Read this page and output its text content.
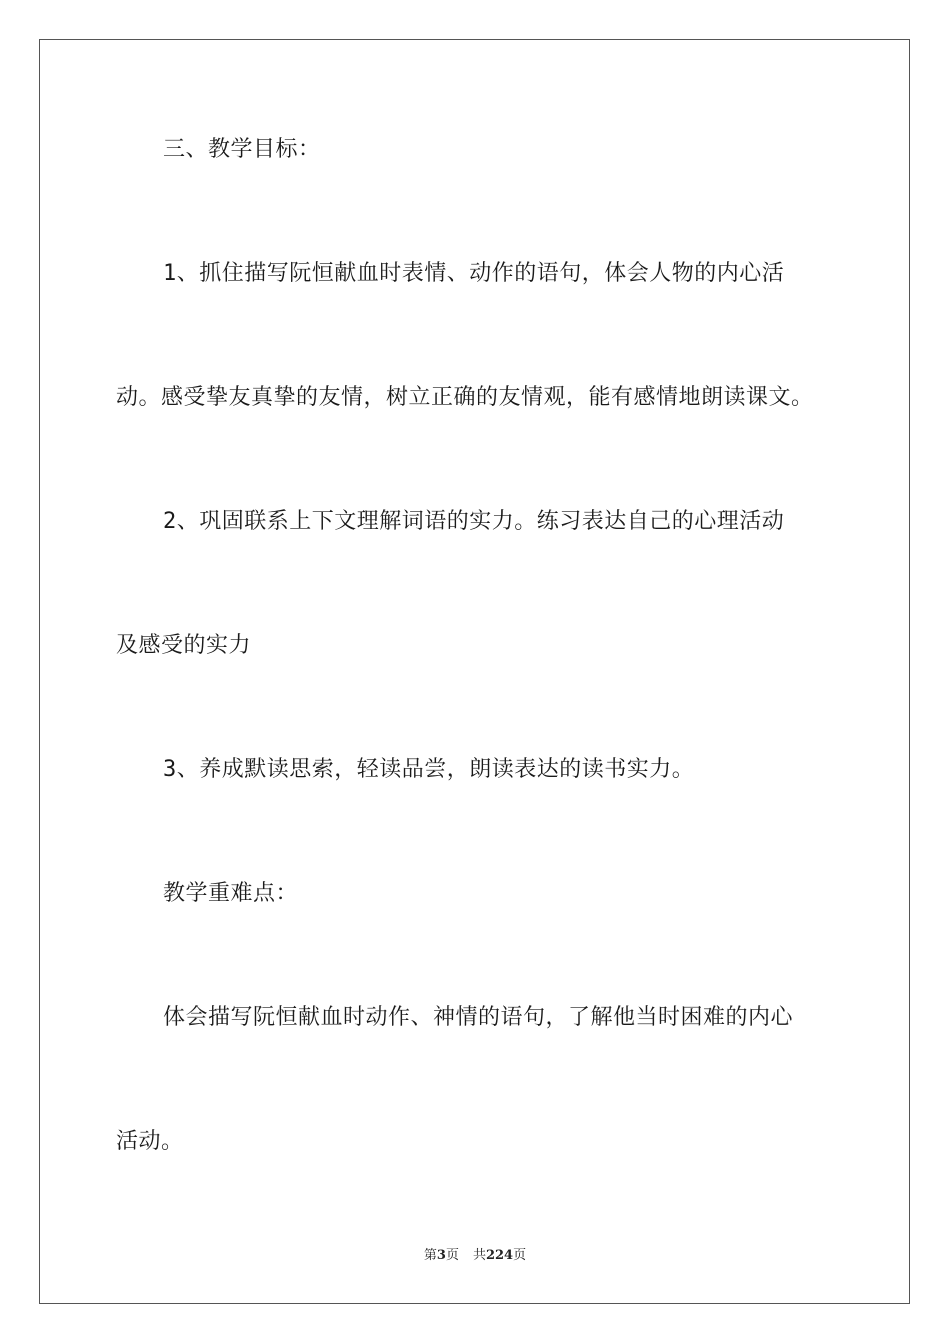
三、教学目标：
1、抓住描写阮恒献血时表情、动作的语句，体会人物的内心活
动。感受挚友真挚的友情，树立正确的友情观，能有感情地朗读课文。
2、巩固联系上下文理解词语的实力。练习表达自己的心理活动
及感受的实力
3、养成默读思索，轻读品尝，朗读表达的读书实力。
教学重难点：
体会描写阮恒献血时动作、神情的语句，了解他当时困难的内心
活动。
第3页 共224页
